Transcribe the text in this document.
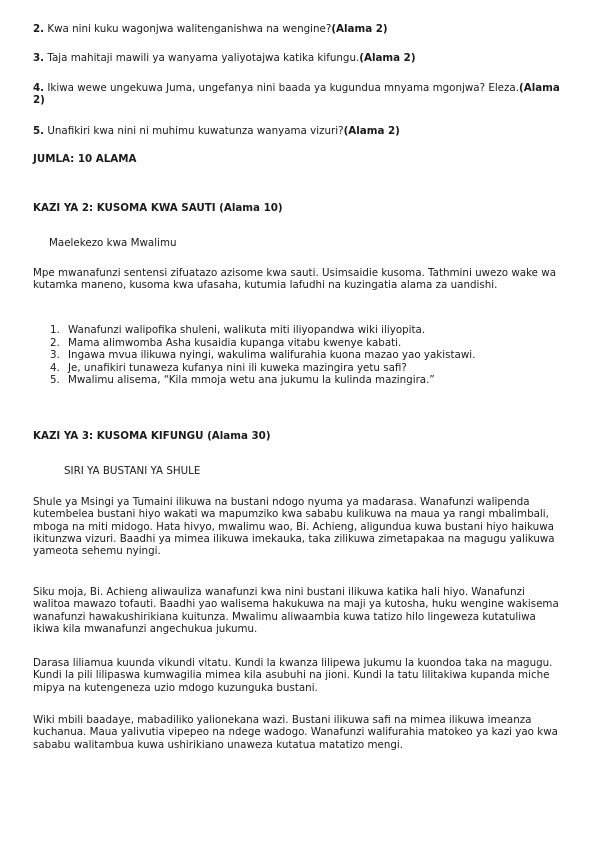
2. Kwa nini kuku wagonjwa walitenganishwa na wengine?(Alama 2)

3. Taja mahitaji mawili ya wanyama yaliyotajwa katika kifungu.(Alama 2)

4. Ikiwa wewe ungekuwa Juma, ungefanya nini baada ya kugundua mnyama mgonjwa? Eleza.(Alama 2)

5. Unafikiri kwa nini ni muhimu kuwatunza wanyama vizuri?(Alama 2)

JUMLA: 10 ALAMA

KAZI YA 2: KUSOMA KWA SAUTI (Alama 10)

Maelekezo kwa Mwalimu

Mpe mwanafunzi sentensi zifuatazo azisome kwa sauti. Usimsaidie kusoma. Tathmini uwezo wake wa kutamka maneno, kusoma kwa ufasaha, kutumia lafudhi na kuzingatia alama za uandishi.

1. Wanafunzi walipofika shuleni, walikuta miti iliyopandwa wiki iliyopita.
2. Mama alimwomba Asha kusaidia kupanga vitabu kwenye kabati.
3. Ingawa mvua ilikuwa nyingi, wakulima walifurahia kuona mazao yao yakistawi.
4. Je, unafikiri tunaweza kufanya nini ili kuweka mazingira yetu safi?
5. Mwalimu alisema, “Kila mmoja wetu ana jukumu la kulinda mazingira.”

KAZI YA 3: KUSOMA KIFUNGU (Alama 30)

SIRI YA BUSTANI YA SHULE

Shule ya Msingi ya Tumaini ilikuwa na bustani ndogo nyuma ya madarasa. Wanafunzi walipenda kutembelea bustani hiyo wakati wa mapumziko kwa sababu kulikuwa na maua ya rangi mbalimbali, mboga na miti midogo. Hata hivyo, mwalimu wao, Bi. Achieng, aligundua kuwa bustani hiyo haikuwa ikitunzwa vizuri. Baadhi ya mimea ilikuwa imekauka, taka zilikuwa zimetapakaa na magugu yalikuwa yameota sehemu nyingi.

Siku moja, Bi. Achieng aliwauliza wanafunzi kwa nini bustani ilikuwa katika hali hiyo. Wanafunzi walitoa mawazo tofauti. Baadhi yao walisema hakukuwa na maji ya kutosha, huku wengine wakisema wanafunzi hawakushirikiana kuitunza. Mwalimu aliwaambia kuwa tatizo hilo lingeweza kutatuliwa ikiwa kila mwanafunzi angechukua jukumu.

Darasa liliamua kuunda vikundi vitatu. Kundi la kwanza lilipewa jukumu la kuondoa taka na magugu. Kundi la pili lilipaswa kumwagilia mimea kila asubuhi na jioni. Kundi la tatu lilitakiwa kupanda miche mipya na kutengeneza uzio mdogo kuzunguka bustani.

Wiki mbili baadaye, mabadiliko yalionekana wazi. Bustani ilikuwa safi na mimea ilikuwa imeanza kuchanua. Maua yalivutia vipepeo na ndege wadogo. Wanafunzi walifurahia matokeo ya kazi yao kwa sababu walitambua kuwa ushirikiano unaweza kutatua matatizo mengi.
